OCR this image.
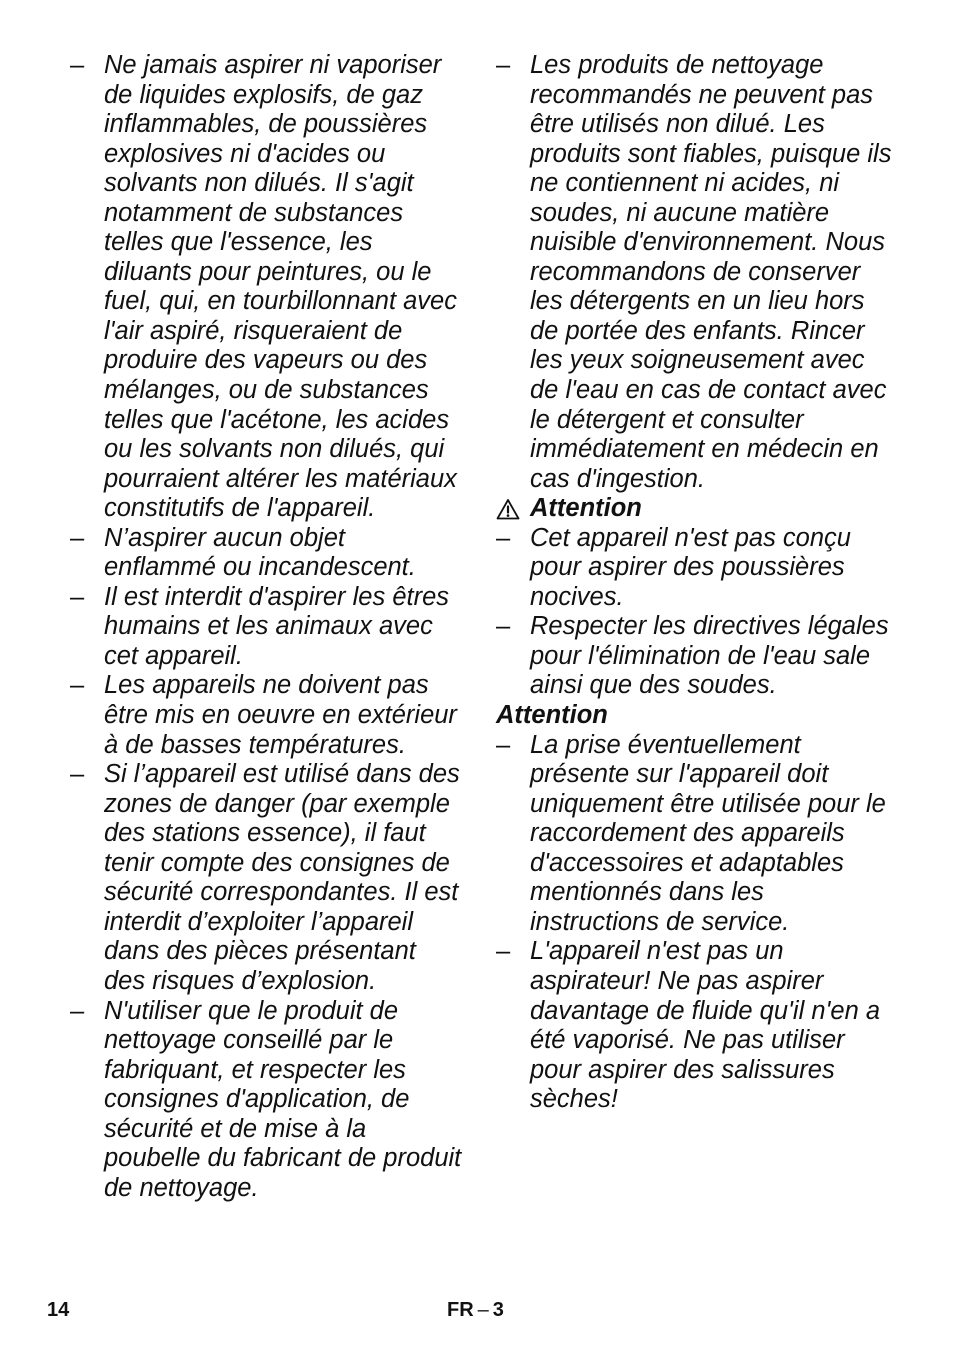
– Ne jamais aspirer ni vaporiser de liquides explosifs, de gaz inflammables, de poussières explosives ni d'acides ou solvants non dilués. Il s'agit notamment de substances telles que l'essence, les diluants pour peintures, ou le fuel, qui, en tourbillonnant avec l'air aspiré, risqueraient de produire des vapeurs ou des mélanges, ou de substances telles que l'acétone, les acides ou les solvants non dilués, qui pourraient altérer les matériaux constitutifs de l'appareil.
– N’aspirer aucun objet enflammé ou incandescent.
– Il est interdit d'aspirer les êtres humains et les animaux avec cet appareil.
– Les appareils ne doivent pas être mis en oeuvre en extérieur à de basses températures.
– Si l’appareil est utilisé dans des zones de danger (par exemple des stations essence), il faut tenir compte des consignes de sécurité correspondantes. Il est interdit d’exploiter l’appareil dans des pièces présentant des risques d’explosion.
– N'utiliser que le produit de nettoyage conseillé par le fabriquant, et respecter les consignes d'application, de sécurité et de mise à la poubelle du fabricant de produit de nettoyage.
– Les produits de nettoyage recommandés ne peuvent pas être utilisés non dilué. Les produits sont fiables, puisque ils ne contiennent ni acides, ni soudes, ni aucune matière nuisible d'environnement. Nous recommandons de conserver les détergents en un lieu hors de portée des enfants. Rincer les yeux soigneusement avec de l'eau en cas de contact avec le détergent et consulter immédiatement en médecin en cas d'ingestion.
Attention
– Cet appareil n'est pas conçu pour aspirer des poussières nocives.
– Respecter les directives légales pour l'élimination de l'eau sale ainsi que des soudes.
Attention
– La prise éventuellement présente sur l'appareil doit uniquement être utilisée pour le raccordement des appareils d'accessoires et adaptables mentionnés dans les instructions de service.
– L'appareil n'est pas un aspirateur! Ne pas aspirer davantage de fluide qu'il n'en a été vaporisé. Ne pas utiliser pour aspirer des salissures sèches!
14	FR – 3
